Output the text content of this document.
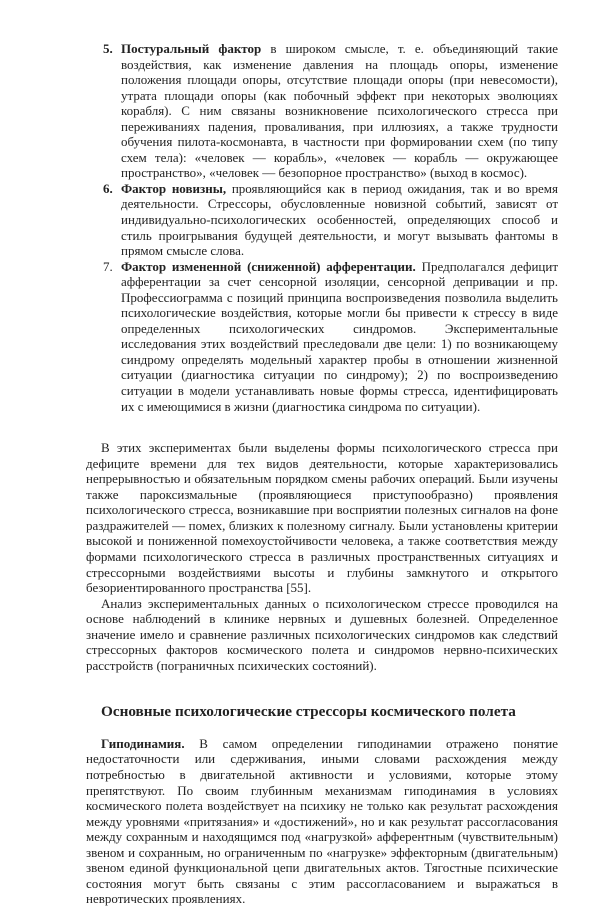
5. Постуральный фактор в широком смысле, т. е. объединяющий такие воздействия, как изменение давления на площадь опоры, изменение положения площади опоры, отсутствие площади опоры (при невесомости), утрата площади опоры (как побочный эффект при некоторых эволюциях корабля). С ним связаны возникновение психологического стресса при переживаниях падения, проваливания, при иллюзиях, а также трудности обучения пилота-космонавта, в частности при формировании схем (по типу схем тела): «человек — корабль», «человек — корабль — окружающее пространство», «человек — безопорное пространство» (выход в космос).
6. Фактор новизны, проявляющийся как в период ожидания, так и во время деятельности. Стрессоры, обусловленные новизной событий, зависят от индивидуально-психологических особенностей, определяющих способ и стиль проигрывания будущей деятельности, и могут вызывать фантомы в прямом смысле слова.
7. Фактор измененной (сниженной) афферентации. Предполагался дефицит афферентации за счет сенсорной изоляции, сенсорной депривации и пр. Профессиограмма с позиций принципа воспроизведения позволила выделить психологические воздействия, которые могли бы привести к стрессу в виде определенных психологических синдромов. Экспериментальные исследования этих воздействий преследовали две цели: 1) по возникающему синдрому определять модельный характер пробы в отношении жизненной ситуации (диагностика ситуации по синдрому); 2) по воспроизведению ситуации в модели устанавливать новые формы стресса, идентифицировать их с имеющимися в жизни (диагностика синдрома по ситуации).

В этих экспериментах были выделены формы психологического стресса при дефиците времени для тех видов деятельности, которые характеризовались непрерывностью и обязательным порядком смены рабочих операций. Были изучены также пароксизмальные (проявляющиеся приступообразно) проявления психологического стресса, возникавшие при восприятии полезных сигналов на фоне раздражителей — помех, близких к полезному сигналу. Были установлены критерии высокой и пониженной помехоустойчивости человека, а также соответствия между формами психологического стресса в различных пространственных ситуациях и стрессорными воздействиями высоты и глубины замкнутого и открытого безориентированного пространства [55].

Анализ экспериментальных данных о психологическом стрессе проводился на основе наблюдений в клинике нервных и душевных болезней. Определенное значение имело и сравнение различных психологических синдромов как следствий стрессорных факторов космического полета и синдромов нервно-психических расстройств (пограничных психических состояний).

Основные психологические стрессоры космического полета

Гиподинамия. В самом определении гиподинамии отражено понятие недостаточности или сдерживания, иными словами расхождения между потребностью в двигательной активности и условиями, которые этому препятствуют. По своим глубинным механизмам гиподинамия в условиях космического полета воздействует на психику не только как результат расхождения между уровнями «притязания» и «достижений», но и как результат рассогласования между сохранным и находящимся под «нагрузкой» афферентным (чувствительным) звеном и сохранным, но ограниченным по «нагрузке» эффекторным (двигательным) звеном единой функциональной цепи двигательных актов. Тягостные психические состояния могут быть связаны с этим рассогласованием и выражаться в невротических проявлениях.
